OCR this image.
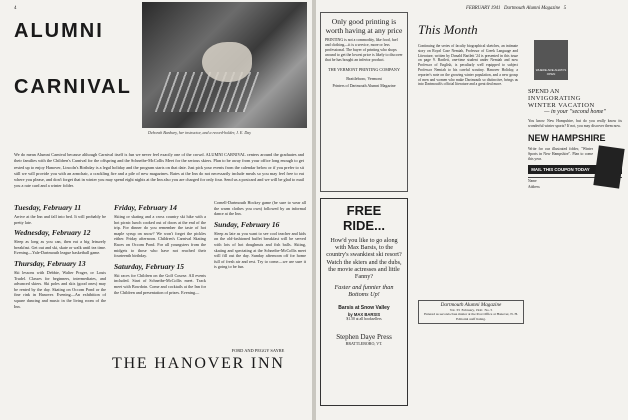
ALUMNI
CARNIVAL
Deborah Banbury, her instructor, and a record-holder, J. E. Day
We do mean Alumni Carnival because although Carnival itself is fun we never feel exactly one of the crowd. ALUMNI CARNIVAL centers around the graduates and their families with the Children's Carnival for the offspring and the Schneibe-McCollis Meet for the serious skiers. Plan to be away from your office long enough to get rested up to enjoy Hanover, Lincoln's Birthday is a legal holiday and the program starts on that date. Just pick your events from the calendar below or if you prefer to sit still we will provide you with an armchair, a crackling fire and a pile of new magazines. Rates at the Inn do not necessarily include meals so you may feel free to eat where you please, and don't forget that in winter you may spend eight nights at the Inn also you are charged for only four. Send us a postcard and we will be glad to mail you a rate card and a winter folder.
Tuesday, February 11
Arrive at the Inn and fall into bed. It will probably be pretty late.
Wednesday, February 12
Sleep as long as you can, then eat a big leisurely breakfast. Get out and ski, skate or walk until tea time. Evening—Yale-Dartmouth league basketball game.
Thursday, February 13
Ski lessons with Debbie, Walter Prager, or Louis Trudel. Classes for beginners, intermediates, and advanced skiers. Ski poles and skis (good ones) may be rented by the day. Skating on Occom Pond or the fine rink in Hanover. Evening—An exhibition of square dancing and music in the living room of the Inn.
Friday, February 14
Skiing or skating and a cross country ski hike with a hot picnic lunch cooked out of doors at the end of the trip. For dinner do you remember the taste of hot maple syrup on snow? We won't forget the pickles either. Friday afternoon. Children's Carnival Skating Races on Occom Pond. For all youngsters from the midgets to those who have not reached their fourteenth birthday.
Saturday, February 15
Ski races for Children on the Golf Course. All events included. Start of Schneibe-McCollis meet. Track meet with Bowdoin. Come and cocktails at the Inn for the Children and presentation of prizes. Evening—
Cornell-Dartmouth Hockey game (be sure to wear all the warm clothes you own) followed by an informal dance at the Inn.
Sunday, February 16
Sleep as late as you want to see cool teacher and kids on the old-fashioned buffet breakfast will be served with lots of hot doughnuts and fish balls. Skiing, skating and spectating at the Schneibe-McCollis meet will fill out the day. Sunday afternoon off for home full of fresh air and rest. Try to come—we are sure it is going to be fun.
FORD AND PEGGY SAYRE
THE HANOVER INN
4	FEBRUARY 1941 Dartmouth Alumni Magazine 5
Only good printing is worth having at any price
PRINTING is not a commodity, like food, fuel and clothing—it is a service, more or less professional. The buyer of printing who shops around to get the lowest price is likely to discover that he has bought an inferior product.
THE VERMONT PRINTING COMPANY
Brattleboro, Vermont
Printers of Dartmouth Alumni Magazine
FREE RIDE...
How'd you like to go along with Max Barsis, to the country's swankiest ski resort? Watch the skiers and the dubs, the movie actresses and little Fanny?
Faster and funnier than Bottoms Up!
Barsis at Snow Valley
by MAX BARSIS
$1.50 at all booksellers
Stephen Daye Press
BRATTLEBORO, VT.
This Month
Continuing the series of faculty biographical sketches, an intimate story on Royal Case Nemiah, Professor of Greek Language and Literature, written by Donald Bartlett '24 is presented in this issue on page 9. Bartlett, one-time student under Nemiah and now Professor of English, is peculiarly well equipped to subject Professor Nemiah to his careful scrutiny. Hanover Holiday, a reporter's note on the growing winter population, and a new group of men and women who make Dartmouth so distinctive, brings us into Dartmouth's official literature and a great deal more.
Dartmouth Alumni Magazine
Vol. 33 February, 1941 No. 5
Entered as second-class matter at the Post Office at Hanover, N. H. Editorial staff listing.
WHERE ARE ALWAYS OPEN
SPEND AN
INVIGORATING
WINTER VACATION
— in your "second home"
You know New Hampshire, but do you really know its wonderful winter sports? If not, you may discover them now.
NEW HAMPSHIRE
Write for our illustrated folder, "Winter Sports in New Hampshire". Plan to come this year.
MAIL THIS COUPON TODAY
Name
Address
